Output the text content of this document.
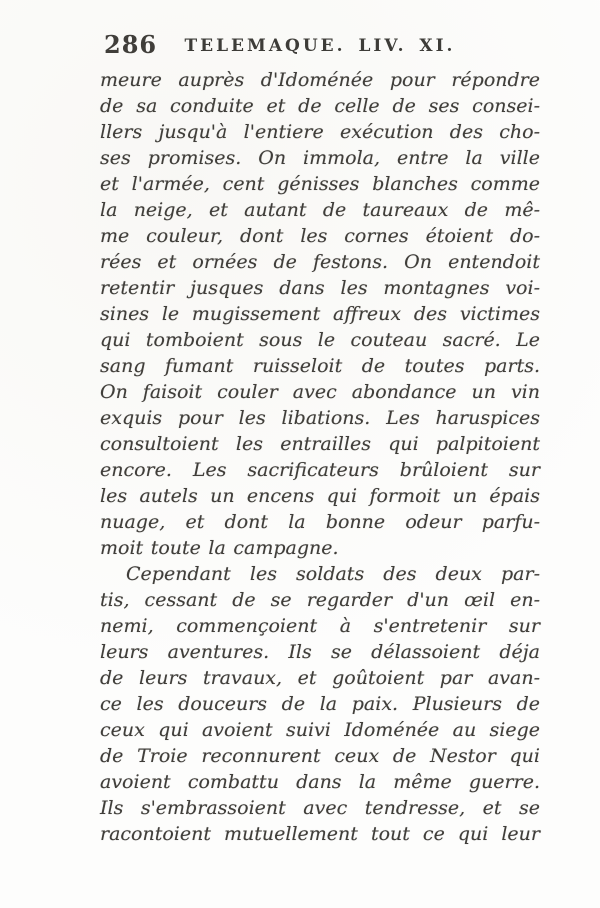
286	TELEMAQUE. LIV. XI.
meure auprès d'Idoménée pour répondre
de sa conduite et de celle de ses consei-
llers jusqu'à l'entiere exécution des cho-
ses promises. On immola, entre la ville
et l'armée, cent génisses blanches comme
la neige, et autant de taureaux de mê-
me couleur, dont les cornes étoient do-
rées et ornées de festons. On entendoit
retentir jusques dans les montagnes voi-
sines le mugissement affreux des victimes
qui tomboient sous le couteau sacré. Le
sang fumant ruisseloit de toutes parts.
On faisoit couler avec abondance un vin
exquis pour les libations. Les haruspices
consultoient les entrailles qui palpitoient
encore. Les sacrificateurs brûloient sur
les autels un encens qui formoit un épais
nuage, et dont la bonne odeur parfu-
moit toute la campagne.
Cependant les soldats des deux par-
tis, cessant de se regarder d'un œil en-
nemi, commençoient à s'entretenir sur
leurs aventures. Ils se délassoient déja
de leurs travaux, et goûtoient par avan-
ce les douceurs de la paix. Plusieurs de
ceux qui avoient suivi Idoménée au siege
de Troie reconnurent ceux de Nestor qui
avoient combattu dans la même guerre.
Ils s'embrassoient avec tendresse, et se
racontoient mutuellement tout ce qui leur
